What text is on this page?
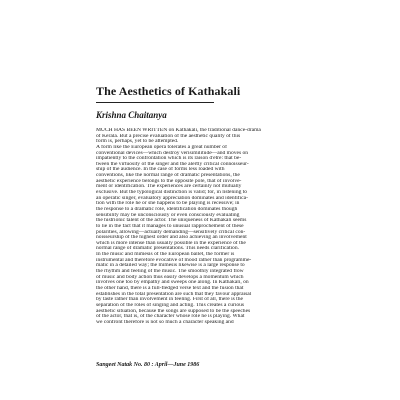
The Aesthetics of Kathakali
Krishna Chaitanya
MUCH HAS BEEN WRITTEN on Kathakali, the traditional dance-drama
of Kerala. But a precise evaluation of the aesthetic quality of this
form is, perhaps, yet to be attempted.
A form like the European opera tolerates a great number of
conventional devices—which destroy verisimilitude—and moves on
impatiently to the confrontation which is its raison d'etre: that be-
tween the virtuosity of the singer and the alertly critical connoisseur-
ship of the audience. In the case of forms less loaded with
conventions, like the normal range of dramatic presentations, the
aesthetic experience belongs to the opposite pole, that of involve-
ment or identification. The experiences are certainly not mutually
exclusive. But the typological distinction is valid; for, in listening to
an operatic singer, evaluatory appreciation dominates and identifica-
tion with the role he or she happens to be playing is recessive; in
the response to a dramatic role, identification dominates though
sensibility may be unconsciously or even consciously evaluating
the histrionic talent of the actor. The uniqueness of Kathakali seems
to lie in the fact that it manages to unusual rapprochement of these
polarities, allowing—actually demanding—sensitively critical con-
noisseurship of the highest order and also achieving an involvement
which is more intense than usually possible in the experience of the
normal range of dramatic presentations. This needs clarification.
In the music and mimesis of the European ballet, the former is
instrumental and therefore evocative of mood rather than programme-
matic in a detailed way; the mimesis likewise is a large response to
the rhythm and feeling of the music. The smoothly integrated flow
of music and body action thus easily develops a momentum which
involves one too by empathy and sweeps one along. In Kathakali, on
the other hand, there is a full-fledged verse text and the fusion that
establishes in the total presentation are such that they favour appraisal
by taste rather than involvement in feeling. First of all, there is the
separation of the roles of singing and acting. This creates a curious
aesthetic situation, because the songs are supposed to be the speeches
of the actor, that is, of the character whose role he is playing. What
we confront therefore is not so much a character speaking and
Sangeet Natak No. 80 : April—June 1986
